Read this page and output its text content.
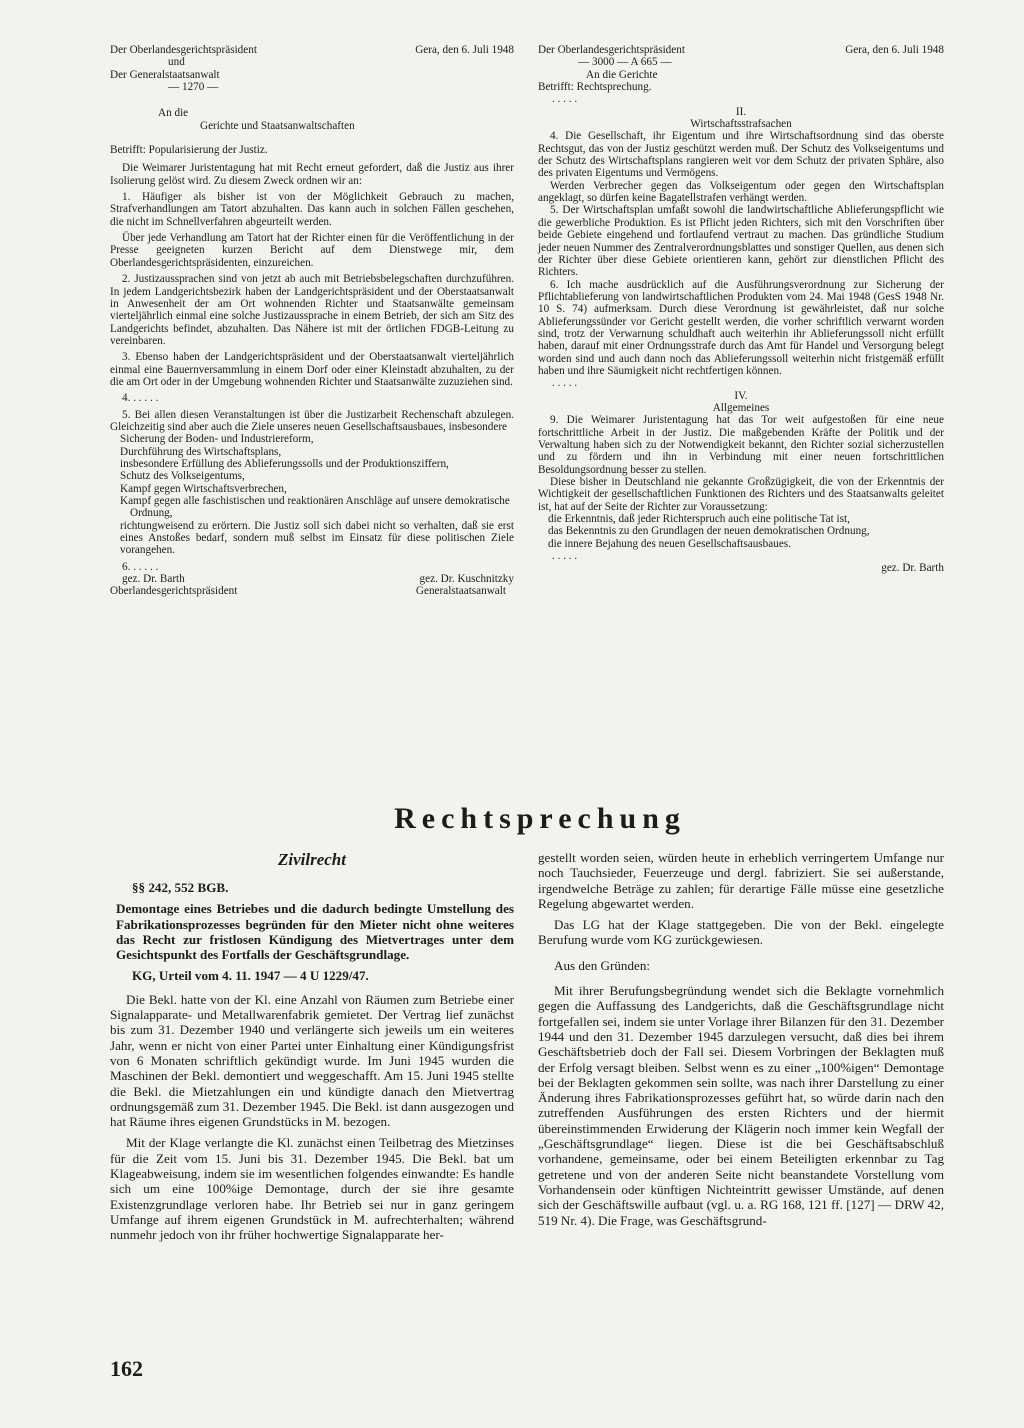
Der Oberlandesgerichtspräsident	Gera, den 6. Juli 1948

und

Der Generalstaatsanwalt

— 1270 —

An die

Gerichte und Staatsanwaltschaften

Betrifft: Popularisierung der Justiz.

Die Weimarer Juristentagung hat mit Recht erneut gefordert, daß die Justiz aus ihrer Isolierung gelöst wird. Zu diesem Zweck ordnen wir an:

1. Häufiger als bisher ist von der Möglichkeit Gebrauch zu machen, Strafverhandlungen am Tatort abzuhalten. Das kann auch in solchen Fällen geschehen, die nicht im Schnellverfahren abgeurteilt werden.

Über jede Verhandlung am Tatort hat der Richter einen für die Veröffentlichung in der Presse geeigneten kurzen Bericht auf dem Dienstwege mir, dem Oberlandesgerichtspräsidenten, einzureichen.

2. Justizaussprachen sind von jetzt ab auch mit Betriebsbelegschaften durchzuführen. In jedem Landgerichtsbezirk haben der Landgerichtspräsident und der Oberstaatsanwalt in Anwesenheit der am Ort wohnenden Richter und Staatsanwälte gemeinsam vierteljährlich einmal eine solche Justizaussprache in einem Betrieb, der sich am Sitz des Landgerichts befindet, abzuhalten. Das Nähere ist mit der örtlichen FDGB-Leitung zu vereinbaren.

3. Ebenso haben der Landgerichtspräsident und der Oberstaatsanwalt vierteljährlich einmal eine Bauernversammlung in einem Dorf oder einer Kleinstadt abzuhalten, zu der die am Ort oder in der Umgebung wohnenden Richter und Staatsanwälte zuzuziehen sind.

4. . . . . .

5. Bei allen diesen Veranstaltungen ist über die Justizarbeit Rechenschaft abzulegen. Gleichzeitig sind aber auch die Ziele unseres neuen Gesellschaftsausbaues, insbesondere

Sicherung der Boden- und Industriereform,

Durchführung des Wirtschaftsplans,

insbesondere Erfüllung des Ablieferungssolls und der Produktionsziffern,

Schutz des Volkseigentums,

Kampf gegen Wirtschaftsverbrechen,

Kampf gegen alle faschistischen und reaktionären Anschläge auf unsere demokratische Ordnung,

richtungweisend zu erörtern. Die Justiz soll sich dabei nicht so verhalten, daß sie erst eines Anstoßes bedarf, sondern muß selbst im Einsatz für diese politischen Ziele vorangehen.

6. . . . . .

gez. Dr. Barth	gez. Dr. Kuschnitzky
Oberlandesgerichtspräsident	Generalstaatsanwalt
Der Oberlandesgerichtspräsident	Gera, den 6. Juli 1948

— 3000 — A 665 —

An die Gerichte

Betrifft: Rechtsprechung.

. . . . .

II.

Wirtschaftsstrafsachen

4. Die Gesellschaft, ihr Eigentum und ihre Wirtschaftsordnung sind das oberste Rechtsgut, das von der Justiz geschützt werden muß. Der Schutz des Volkseigentums und der Schutz des Wirtschaftsplans rangieren weit vor dem Schutz der privaten Sphäre, also des privaten Eigentums und Vermögens.

Werden Verbrecher gegen das Volkseigentum oder gegen den Wirtschaftsplan angeklagt, so dürfen keine Bagatellstrafen verhängt werden.

5. Der Wirtschaftsplan umfaßt sowohl die landwirtschaftliche Ablieferungspflicht wie die gewerbliche Produktion. Es ist Pflicht jeden Richters, sich mit den Vorschriften über beide Gebiete eingehend und fortlaufend vertraut zu machen. Das gründliche Studium jeder neuen Nummer des Zentralverordnungsblattes und sonstiger Quellen, aus denen sich der Richter über diese Gebiete orientieren kann, gehört zur dienstlichen Pflicht des Richters.

6. Ich mache ausdrücklich auf die Ausführungsverordnung zur Sicherung der Pflichtablieferung von landwirtschaftlichen Produkten vom 24. Mai 1948 (GesS 1948 Nr. 10 S. 74) aufmerksam. Durch diese Verordnung ist gewährleistet, daß nur solche Ablieferungssünder vor Gericht gestellt werden, die vorher schriftlich verwarnt worden sind, trotz der Verwarnung schuldhaft auch weiterhin ihr Ablieferungssoll nicht erfüllt haben, darauf mit einer Ordnungsstrafe durch das Amt für Handel und Versorgung belegt worden sind und auch dann noch das Ablieferungssoll weiterhin nicht fristgemäß erfüllt haben und ihre Säumigkeit nicht rechtfertigen können.

. . . . .

IV.

Allgemeines

9. Die Weimarer Juristentagung hat das Tor weit aufgestoßen für eine neue fortschrittliche Arbeit in der Justiz. Die maßgebenden Kräfte der Politik und der Verwaltung haben sich zu der Notwendigkeit bekannt, den Richter sozial sicherzustellen und zu fördern und ihn in Verbindung mit einer neuen fortschrittlichen Besoldungsordnung besser zu stellen.

Diese bisher in Deutschland nie gekannte Großzügigkeit, die von der Erkenntnis der Wichtigkeit der gesellschaftlichen Funktionen des Richters und des Staatsanwalts geleitet ist, hat auf der Seite der Richter zur Voraussetzung:

die Erkenntnis, daß jeder Richterspruch auch eine politische Tat ist,

das Bekenntnis zu den Grundlagen der neuen demokratischen Ordnung,

die innere Bejahung des neuen Gesellschaftsausbaues.

. . . . .

gez. Dr. Barth

Rechtsprechung

Zivilrecht

§§ 242, 552 BGB.

Demontage eines Betriebes und die dadurch bedingte Umstellung des Fabrikationsprozesses begründen für den Mieter nicht ohne weiteres das Recht zur fristlosen Kündigung des Mietvertrages unter dem Gesichtspunkt des Fortfalls der Geschäftsgrundlage.

KG, Urteil vom 4. 11. 1947 — 4 U 1229/47.

Die Bekl. hatte von der Kl. eine Anzahl von Räumen zum Betriebe einer Signalapparate- und Metallwarenfabrik gemietet. Der Vertrag lief zunächst bis zum 31. Dezember 1940 und verlängerte sich jeweils um ein weiteres Jahr, wenn er nicht von einer Partei unter Einhaltung einer Kündigungsfrist von 6 Monaten schriftlich gekündigt wurde. Im Juni 1945 wurden die Maschinen der Bekl. demontiert und weggeschafft. Am 15. Juni 1945 stellte die Bekl. die Mietzahlungen ein und kündigte danach den Mietvertrag ordnungsgemäß zum 31. Dezember 1945. Die Bekl. ist dann ausgezogen und hat Räume ihres eigenen Grundstücks in M. bezogen.

Mit der Klage verlangte die Kl. zunächst einen Teilbetrag des Mietzinses für die Zeit vom 15. Juni bis 31. Dezember 1945. Die Bekl. bat um Klageabweisung, indem sie im wesentlichen folgendes einwandte: Es handle sich um eine 100%ige Demontage, durch der sie ihre gesamte Existenzgrundlage verloren habe. Ihr Betrieb sei nur in ganz geringem Umfange auf ihrem eigenen Grundstück in M. aufrechterhalten; während nunmehr jedoch von ihr früher hochwertige Signalapparate her-

gestellt worden seien, würden heute in erheblich verringertem Umfange nur noch Tauchsieder, Feuerzeuge und dergl. fabriziert. Sie sei außerstande, irgendwelche Beträge zu zahlen; für derartige Fälle müsse eine gesetzliche Regelung abgewartet werden.

Das LG hat der Klage stattgegeben. Die von der Bekl. eingelegte Berufung wurde vom KG zurückgewiesen.

Aus den Gründen:

Mit ihrer Berufungsbegründung wendet sich die Beklagte vornehmlich gegen die Auffassung des Landgerichts, daß die Geschäftsgrundlage nicht fortgefallen sei, indem sie unter Vorlage ihrer Bilanzen für den 31. Dezember 1944 und den 31. Dezember 1945 darzulegen versucht, daß dies bei ihrem Geschäftsbetrieb doch der Fall sei. Diesem Vorbringen der Beklagten muß der Erfolg versagt bleiben. Selbst wenn es zu einer „100%igen“ Demontage bei der Beklagten gekommen sein sollte, was nach ihrer Darstellung zu einer Änderung ihres Fabrikationsprozesses geführt hat, so würde darin nach den zutreffenden Ausführungen des ersten Richters und der hiermit übereinstimmenden Erwiderung der Klägerin noch immer kein Wegfall der „Geschäftsgrundlage“ liegen. Diese ist die bei Geschäftsabschluß vorhandene, gemeinsame, oder bei einem Beteiligten erkennbar zu Tag getretene und von der anderen Seite nicht beanstandete Vorstellung vom Vorhandensein oder künftigen Nichteintritt gewisser Umstände, auf denen sich der Geschäftswille aufbaut (vgl. u. a. RG 168, 121 ff. [127] — DRW 42, 519 Nr. 4). Die Frage, was Geschäftsgrund-

162
